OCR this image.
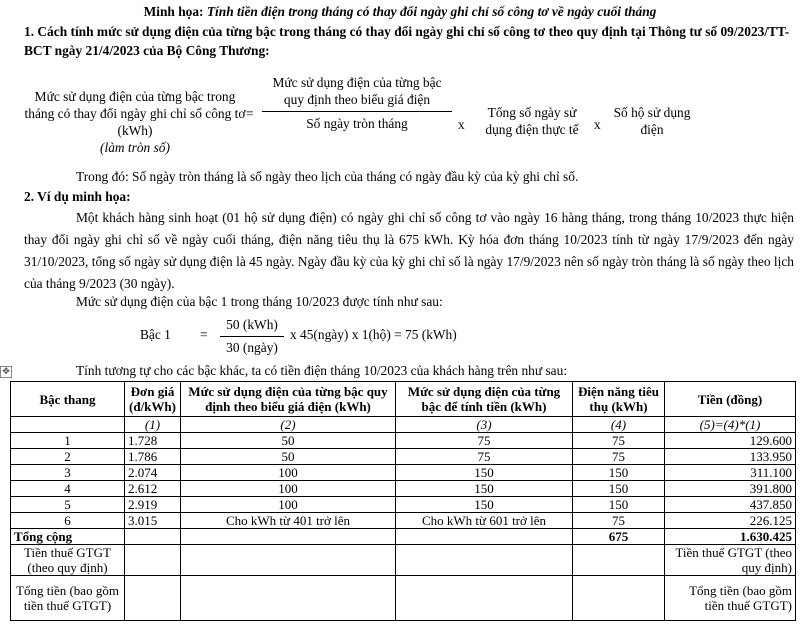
Minh họa: Tính tiền điện trong tháng có thay đổi ngày ghi chỉ số công tơ về ngày cuối tháng
1. Cách tính mức sử dụng điện của từng bậc trong tháng có thay đổi ngày ghi chỉ số công tơ theo quy định tại Thông tư số 09/2023/TT-BCT ngày 21/4/2023 của Bộ Công Thương:
Mức sử dụng điện của từng bậc trong tháng có thay đổi ngày ghi chỉ số công tơ (kWh)
(làm tròn số)
=
Mức sử dụng điện của từng bậc quy định theo biểu giá điện
Số ngày tròn tháng	x
Tổng số ngày sử dụng điện thực tế	x
Số hộ sử dụng điện
Trong đó: Số ngày tròn tháng là số ngày theo lịch của tháng có ngày đầu kỳ của kỳ ghi chỉ số.
2. Ví dụ minh họa:
Một khách hàng sinh hoạt (01 hộ sử dụng điện) có ngày ghi chỉ số công tơ vào ngày 16 hàng tháng, trong tháng 10/2023 thực hiện thay đổi ngày ghi chỉ số về ngày cuối tháng, điện năng tiêu thụ là 675 kWh. Kỳ hóa đơn tháng 10/2023 tính từ ngày 17/9/2023 đến ngày 31/10/2023, tổng số ngày sử dụng điện là 45 ngày. Ngày đầu kỳ của kỳ ghi chỉ số là ngày 17/9/2023 nên số ngày tròn tháng là số ngày theo lịch của tháng 9/2023 (30 ngày).
Mức sử dụng điện của bậc 1 trong tháng 10/2023 được tính như sau:
Bậc 1 =
50 (kWh)
30 (ngày)
x 45(ngày) x 1(hộ) = 75 (kWh)
✥	Tính tương tự cho các bậc khác, ta có tiền điện tháng 10/2023 của khách hàng trên như sau:
Bậc thang	Đơn giá (đ/kWh)	Mức sử dụng điện của từng bậc quy định theo biểu giá điện (kWh)	Mức sử dụng điện của từng bậc để tính tiền (kWh)	Điện năng tiêu thụ (kWh)	Tiền (đồng)
	(1)	(2)	(3)	(4)	(5)=(4)*(1)
1	1.728	50	75	75	129.600
2	1.786	50	75	75	133.950
3	2.074	100	150	150	311.100
4	2.612	100	150	150	391.800
5	2.919	100	150	150	437.850
6	3.015	Cho kWh từ 401 trở lên	Cho kWh từ 601 trở lên	75	226.125
Tổng cộng				675	1.630.425
Tiền thuế GTGT (theo quy định)					Tiền thuế GTGT (theo quy định)
Tổng tiền (bao gồm tiền thuế GTGT)					Tổng tiền (bao gồm tiền thuế GTGT)
